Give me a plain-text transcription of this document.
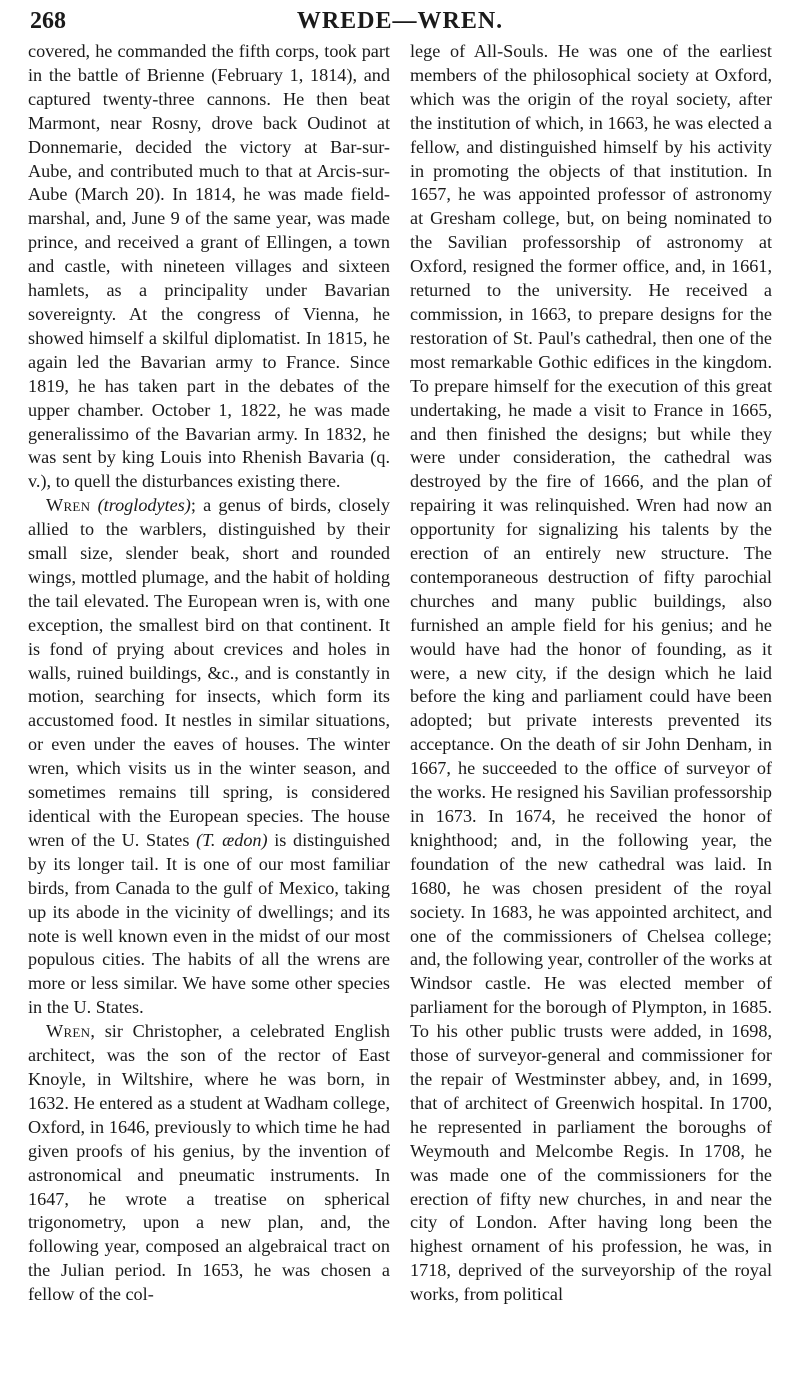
268	WREDE—WREN.

covered, he commanded the fifth corps, took part in the battle of Brienne (February 1, 1814), and captured twenty-three cannons. He then beat Marmont, near Rosny, drove back Oudinot at Donnemarie, decided the victory at Bar-sur-Aube, and contributed much to that at Arcis-sur-Aube (March 20). In 1814, he was made field-marshal, and, June 9 of the same year, was made prince, and received a grant of Ellingen, a town and castle, with nineteen villages and sixteen hamlets, as a principality under Bavarian sovereignty. At the congress of Vienna, he showed himself a skilful diplomatist. In 1815, he again led the Bavarian army to France. Since 1819, he has taken part in the debates of the upper chamber. October 1, 1822, he was made generalissimo of the Bavarian army. In 1832, he was sent by king Louis into Rhenish Bavaria (q. v.), to quell the disturbances existing there.

Wren (troglodytes); a genus of birds, closely allied to the warblers, distinguished by their small size, slender beak, short and rounded wings, mottled plumage, and the habit of holding the tail elevated. The European wren is, with one exception, the smallest bird on that continent. It is fond of prying about crevices and holes in walls, ruined buildings, &c., and is constantly in motion, searching for insects, which form its accustomed food. It nestles in similar situations, or even under the eaves of houses. The winter wren, which visits us in the winter season, and sometimes remains till spring, is considered identical with the European species. The house wren of the U. States (T. ædon) is distinguished by its longer tail. It is one of our most familiar birds, from Canada to the gulf of Mexico, taking up its abode in the vicinity of dwellings; and its note is well known even in the midst of our most populous cities. The habits of all the wrens are more or less similar. We have some other species in the U. States.

Wren, sir Christopher, a celebrated English architect, was the son of the rector of East Knoyle, in Wiltshire, where he was born, in 1632. He entered as a student at Wadham college, Oxford, in 1646, previously to which time he had given proofs of his genius, by the invention of astronomical and pneumatic instruments. In 1647, he wrote a treatise on spherical trigonometry, upon a new plan, and, the following year, composed an algebraical tract on the Julian period. In 1653, he was chosen a fellow of the col-

lege of All-Souls. He was one of the earliest members of the philosophical society at Oxford, which was the origin of the royal society, after the institution of which, in 1663, he was elected a fellow, and distinguished himself by his activity in promoting the objects of that institution. In 1657, he was appointed professor of astronomy at Gresham college, but, on being nominated to the Savilian professorship of astronomy at Oxford, resigned the former office, and, in 1661, returned to the university. He received a commission, in 1663, to prepare designs for the restoration of St. Paul's cathedral, then one of the most remarkable Gothic edifices in the kingdom. To prepare himself for the execution of this great undertaking, he made a visit to France in 1665, and then finished the designs; but while they were under consideration, the cathedral was destroyed by the fire of 1666, and the plan of repairing it was relinquished. Wren had now an opportunity for signalizing his talents by the erection of an entirely new structure. The contemporaneous destruction of fifty parochial churches and many public buildings, also furnished an ample field for his genius; and he would have had the honor of founding, as it were, a new city, if the design which he laid before the king and parliament could have been adopted; but private interests prevented its acceptance. On the death of sir John Denham, in 1667, he succeeded to the office of surveyor of the works. He resigned his Savilian professorship in 1673. In 1674, he received the honor of knighthood; and, in the following year, the foundation of the new cathedral was laid. In 1680, he was chosen president of the royal society. In 1683, he was appointed architect, and one of the commissioners of Chelsea college; and, the following year, controller of the works at Windsor castle. He was elected member of parliament for the borough of Plympton, in 1685. To his other public trusts were added, in 1698, those of surveyor-general and commissioner for the repair of Westminster abbey, and, in 1699, that of architect of Greenwich hospital. In 1700, he represented in parliament the boroughs of Weymouth and Melcombe Regis. In 1708, he was made one of the commissioners for the erection of fifty new churches, in and near the city of London. After having long been the highest ornament of his profession, he was, in 1718, deprived of the surveyorship of the royal works, from political
